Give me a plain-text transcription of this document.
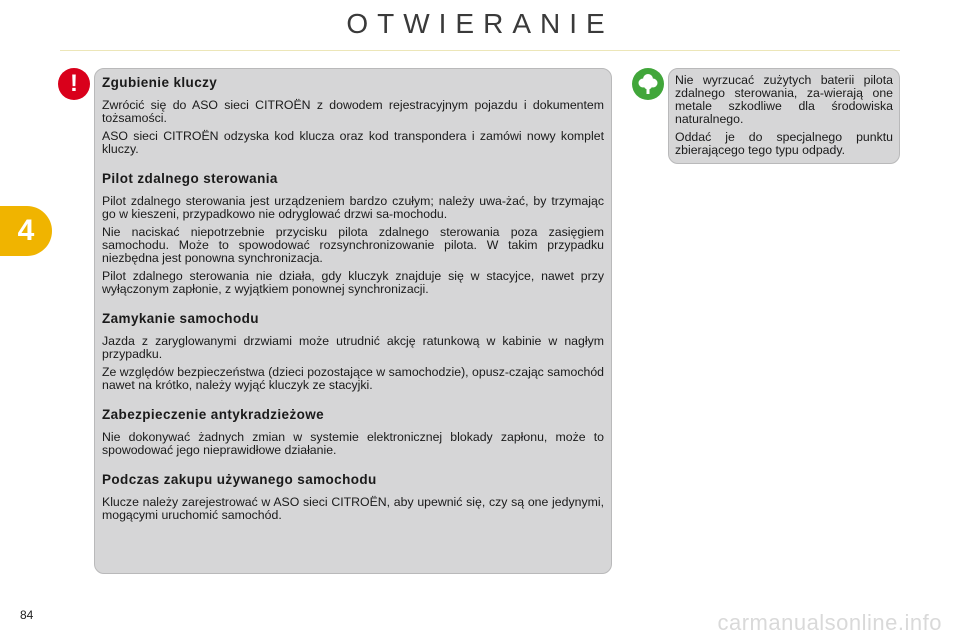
OTWIERANIE
4
! Zgubienie kluczy

Zwrócić się do ASO sieci CITROËN z dowodem rejestracyjnym pojazdu i dokumentem tożsamości.

ASO sieci CITROËN odzyska kod klucza oraz kod transpondera i zamówi nowy komplet kluczy.

Pilot zdalnego sterowania

Pilot zdalnego sterowania jest urządzeniem bardzo czułym; należy uwa-żać, by trzymając go w kieszeni, przypadkowo nie odryglować drzwi sa-mochodu.

Nie naciskać niepotrzebnie przycisku pilota zdalnego sterowania poza zasięgiem samochodu. Może to spowodować rozsynchronizowanie pilota. W takim przypadku niezbędna jest ponowna synchronizacja.

Pilot zdalnego sterowania nie działa, gdy kluczyk znajduje się w stacyjce, nawet przy wyłączonym zapłonie, z wyjątkiem ponownej synchronizacji.

Zamykanie samochodu

Jazda z zaryglowanymi drzwiami może utrudnić akcję ratunkową w kabinie w nagłym przypadku.

Ze względów bezpieczeństwa (dzieci pozostające w samochodzie), opusz-czając samochód nawet na krótko, należy wyjąć kluczyk ze stacyjki.

Zabezpieczenie antykradzieżowe

Nie dokonywać żadnych zmian w systemie elektronicznej blokady zapłonu, może to spowodować jego nieprawidłowe działanie.

Podczas zakupu używanego samochodu

Klucze należy zarejestrować w ASO sieci CITROËN, aby upewnić się, czy są one jedynymi, mogącymi uruchomić samochód.

Nie wyrzucać zużytych baterii pilota zdalnego sterowania, za-wierają one metale szkodliwe dla środowiska naturalnego.

Oddać je do specjalnego punktu zbierającego tego typu odpady.

84	carmanualsonline.info
